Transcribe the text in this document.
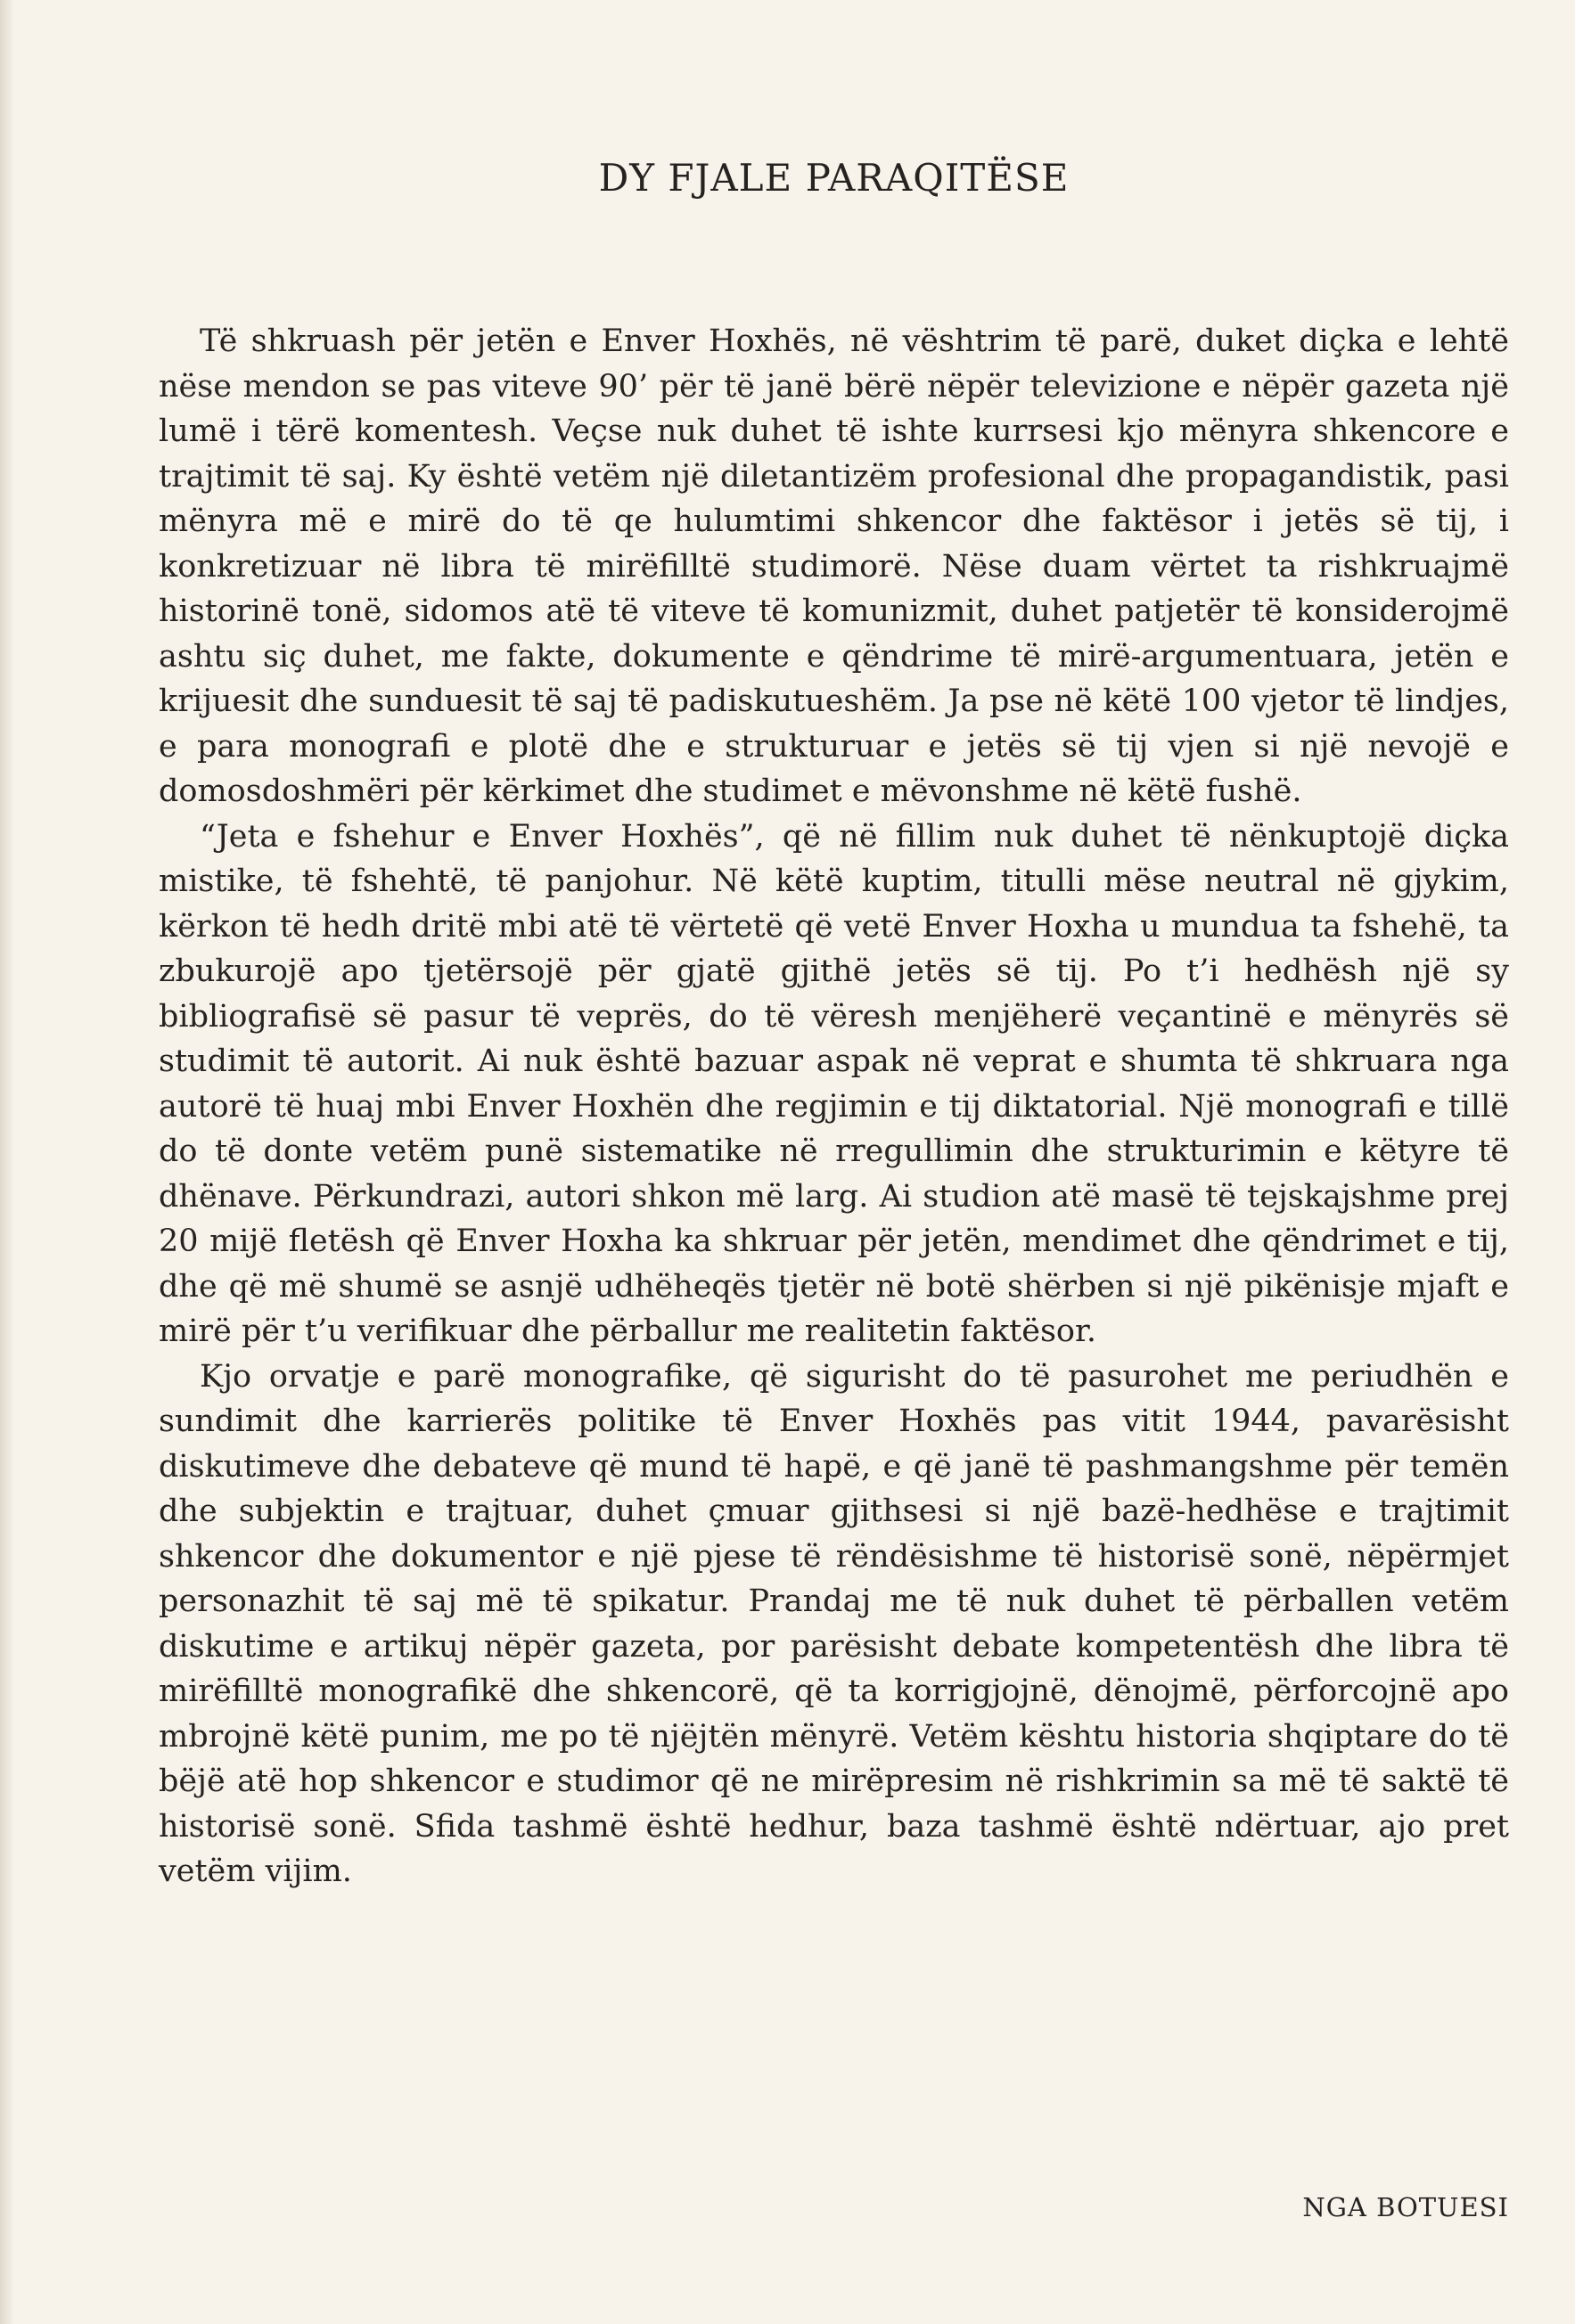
DY FJALE PARAQITËSE

Të shkruash për jetën e Enver Hoxhës, në vështrim të parë, duket diçka e lehtë nëse mendon se pas viteve 90’ për të janë bërë nëpër televizione e nëpër gazeta një lumë i tërë komentesh. Veçse nuk duhet të ishte kurrsesi kjo mënyra shkencore e trajtimit të saj. Ky është vetëm një diletantizëm profesional dhe propagandistik, pasi mënyra më e mirë do të qe hulumtimi shkencor dhe faktësor i jetës së tij, i konkretizuar në libra të mirëfilltë studimorë. Nëse duam vërtet ta rishkruajmë historinë tonë, sidomos atë të viteve të komunizmit, duhet patjetër të konsiderojmë ashtu siç duhet, me fakte, dokumente e qëndrime të mirë-argumentuara, jetën e krijuesit dhe sunduesit të saj të padiskutueshëm. Ja pse në këtë 100 vjetor të lindjes, e para monografi e plotë dhe e strukturuar e jetës së tij vjen si një nevojë e domosdoshmëri për kërkimet dhe studimet e mëvonshme në këtë fushë.

“Jeta e fshehur e Enver Hoxhës”, që në fillim nuk duhet të nënkuptojë diçka mistike, të fshehtë, të panjohur. Në këtë kuptim, titulli mëse neutral në gjykim, kërkon të hedh dritë mbi atë të vërtetë që vetë Enver Hoxha u mundua ta fshehë, ta zbukurojë apo tjetërsojë për gjatë gjithë jetës së tij. Po t’i hedhësh një sy bibliografisë së pasur të veprës, do të vëresh menjëherë veçantinë e mënyrës së studimit të autorit. Ai nuk është bazuar aspak në veprat e shumta të shkruara nga autorë të huaj mbi Enver Hoxhën dhe regjimin e tij diktatorial. Një monografi e tillë do të donte vetëm punë sistematike në rregullimin dhe strukturimin e këtyre të dhënave. Përkundrazi, autori shkon më larg. Ai studion atë masë të tejskajshme prej 20 mijë fletësh që Enver Hoxha ka shkruar për jetën, mendimet dhe qëndrimet e tij, dhe që më shumë se asnjë udhëheqës tjetër në botë shërben si një pikënisje mjaft e mirë për t’u verifikuar dhe përballur me realitetin faktësor.

Kjo orvatje e parë monografike, që sigurisht do të pasurohet me periudhën e sundimit dhe karrierës politike të Enver Hoxhës pas vitit 1944, pavarësisht diskutimeve dhe debateve që mund të hapë, e që janë të pashmangshme për temën dhe subjektin e trajtuar, duhet çmuar gjithsesi si një bazë-hedhëse e trajtimit shkencor dhe dokumentor e një pjese të rëndësishme të historisë sonë, nëpërmjet personazhit të saj më të spikatur. Prandaj me të nuk duhet të përballen vetëm diskutime e artikuj nëpër gazeta, por parësisht debate kompetentësh dhe libra të mirëfilltë monografikë dhe shkencorë, që ta korrigjojnë, dënojmë, përforcojnë apo mbrojnë këtë punim, me po të njëjtën mënyrë. Vetëm kështu historia shqiptare do të bëjë atë hop shkencor e studimor që ne mirëpresim në rishkrimin sa më të saktë të historisë sonë. Sfida tashmë është hedhur, baza tashmë është ndërtuar, ajo pret vetëm vijim.

NGA BOTUESI
